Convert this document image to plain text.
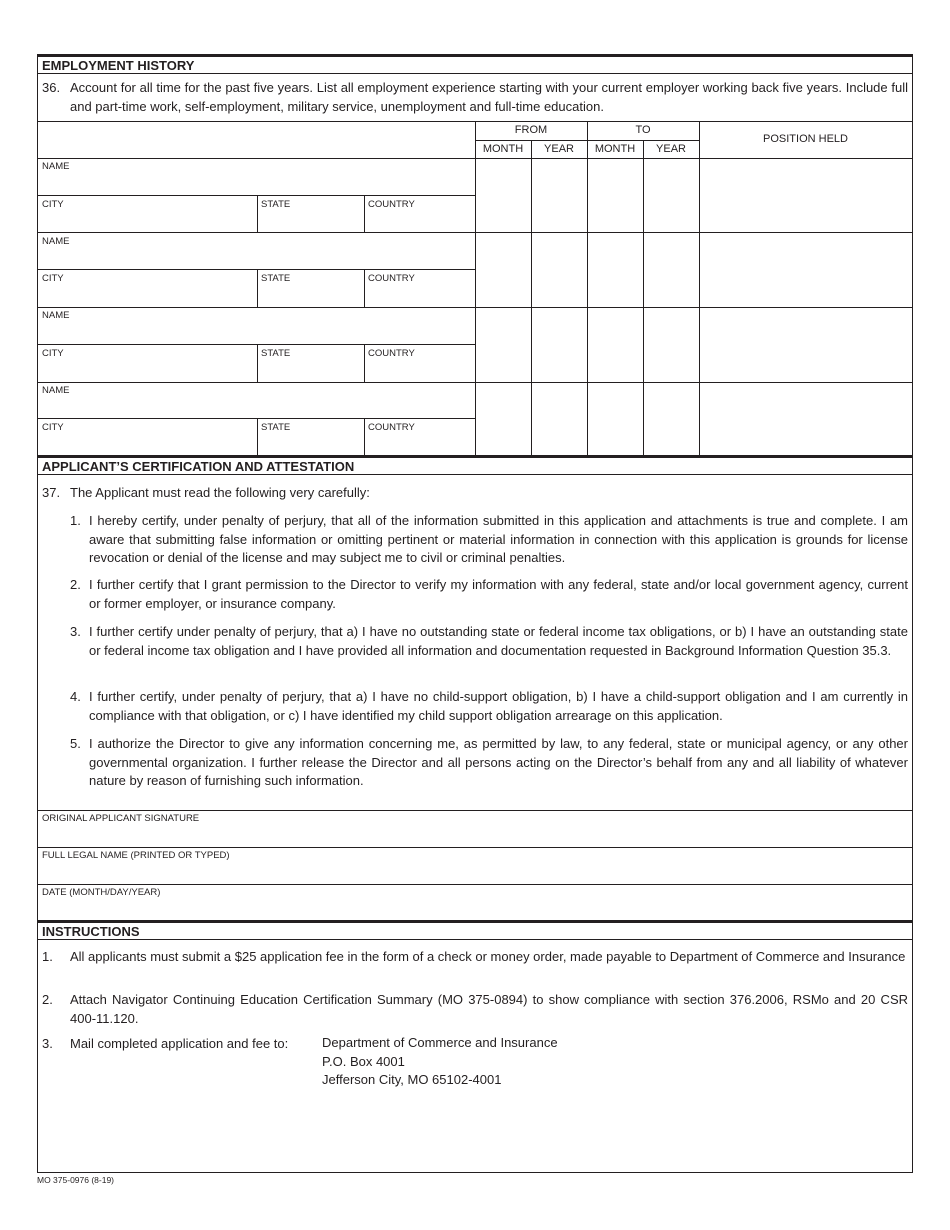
EMPLOYMENT HISTORY
36. Account for all time for the past five years. List all employment experience starting with your current employer working back five years. Include full and part-time work, self-employment, military service, unemployment and full-time education.
FROM	TO
MONTH	YEAR	MONTH	YEAR
POSITION HELD
NAME
CITY	STATE	COUNTRY
NAME
CITY	STATE	COUNTRY
NAME
CITY	STATE	COUNTRY
NAME
CITY	STATE	COUNTRY
APPLICANT’S CERTIFICATION AND ATTESTATION
37. The Applicant must read the following very carefully:
1. I hereby certify, under penalty of perjury, that all of the information submitted in this application and attachments is true and complete. I am aware that submitting false information or omitting pertinent or material information in connection with this application is grounds for license revocation or denial of the license and may subject me to civil or criminal penalties.
2. I further certify that I grant permission to the Director to verify my information with any federal, state and/or local government agency, current or former employer, or insurance company.
3. I further certify under penalty of perjury, that a) I have no outstanding state or federal income tax obligations, or b) I have an outstanding state or federal income tax obligation and I have provided all information and documentation requested in Background Information Question 35.3.
4. I further certify, under penalty of perjury, that a) I have no child-support obligation, b) I have a child-support obligation and I am currently in compliance with that obligation, or c) I have identified my child support obligation arrearage on this application.
5. I authorize the Director to give any information concerning me, as permitted by law, to any federal, state or municipal agency, or any other governmental organization. I further release the Director and all persons acting on the Director’s behalf from any and all liability of whatever nature by reason of furnishing such information.
ORIGINAL APPLICANT SIGNATURE
FULL LEGAL NAME (PRINTED OR TYPED)
DATE (MONTH/DAY/YEAR)
INSTRUCTIONS
1. All applicants must submit a $25 application fee in the form of a check or money order, made payable to Department of Commerce and Insurance
2. Attach Navigator Continuing Education Certification Summary (MO 375-0894) to show compliance with section 376.2006, RSMo and 20 CSR 400-11.120.
3. Mail completed application and fee to:	Department of Commerce and Insurance
P.O. Box 4001
Jefferson City, MO 65102-4001
MO 375-0976 (8-19)
